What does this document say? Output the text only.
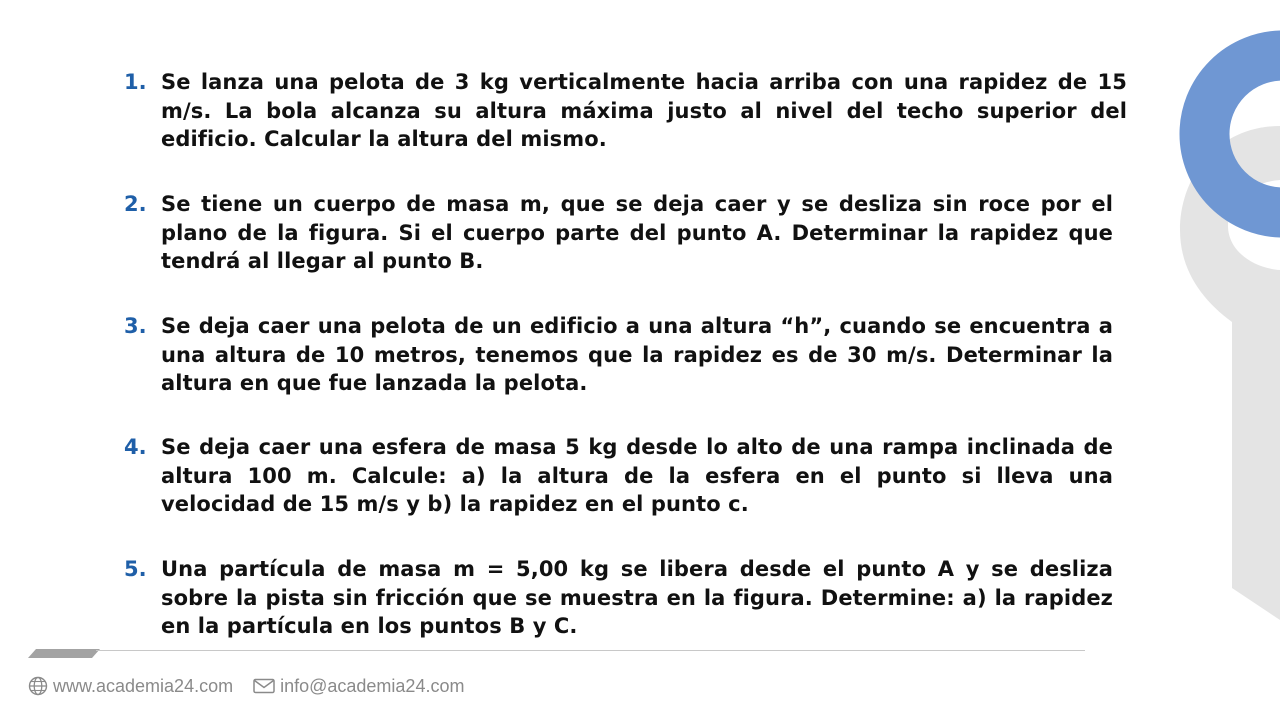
1. Se lanza una pelota de 3 kg verticalmente hacia arriba con una rapidez de 15 m/s. La bola alcanza su altura máxima justo al nivel del techo superior del edificio. Calcular la altura del mismo.
2. Se tiene un cuerpo de masa m, que se deja caer y se desliza sin roce por el plano de la figura. Si el cuerpo parte del punto A. Determinar la rapidez que tendrá al llegar al punto B.
3. Se deja caer una pelota de un edificio a una altura “h”, cuando se encuentra a una altura de 10 metros, tenemos que la rapidez es de 30 m/s. Determinar la altura en que fue lanzada la pelota.
4. Se deja caer una esfera de masa 5 kg desde lo alto de una rampa inclinada de altura 100 m. Calcule: a) la altura de la esfera en el punto si lleva una velocidad de 15 m/s y b) la rapidez en el punto c.
5. Una partícula de masa m = 5,00 kg se libera desde el punto A y se desliza sobre la pista sin fricción que se muestra en la figura. Determine: a) la rapidez en la partícula en los puntos B y C.
www.academia24.com	info@academia24.com
